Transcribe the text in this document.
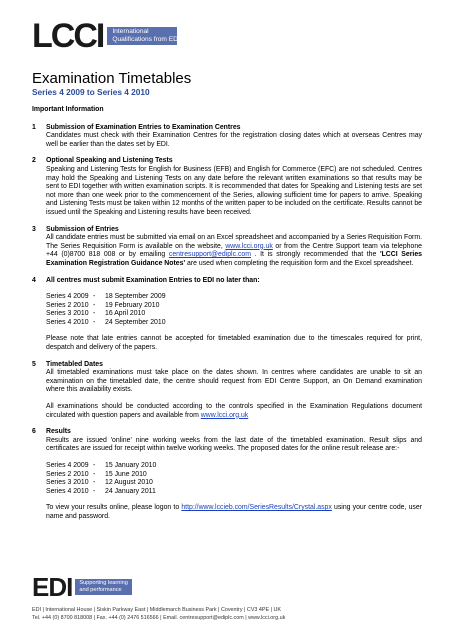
LCCI International
Qualifications from EDI
Examination Timetables
Series 4 2009 to Series 4 2010
Important Information
1	Submission of Examination Entries to Examination Centres

Candidates must check with their Examination Centres for the registration closing dates which at overseas Centres may well be earlier than the dates set by EDI.

2	Optional Speaking and Listening Tests

Speaking and Listening Tests for English for Business (EFB) and English for Commerce (EFC) are not scheduled. Centres may hold the Speaking and Listening Tests on any date before the relevant written examinations so that results may be sent to EDI together with written examination scripts. It is recommended that dates for Speaking and Listening tests are set not more than one week prior to the commencement of the Series, allowing sufficient time for papers to arrive. Speaking and Listening Tests must be taken within 12 months of the written paper to be included on the certificate. Results cannot be issued until the Speaking and Listening results have been received.

3	Submission of Entries

All candidate entries must be submitted via email on an Excel spreadsheet and accompanied by a Series Requisition Form. The Series Requisition Form is available on the website, www.lcci.org.uk or from the Centre Support team via telephone +44 (0)8700 818 008 or by emailing centresupport@ediplc.com . It is strongly recommended that the 'LCCI Series Examination Registration Guidance Notes' are used when completing the requisition form and the Excel spreadsheet.

4	All centres must submit Examination Entries to EDI no later than:
Series 4 2009 -	18 September 2009
Series 2 2010 -	19 February 2010
Series 3 2010 -	16 April 2010
Series 4 2010 -	24 September 2010

Please note that late entries cannot be accepted for timetabled examination due to the timescales required for print, despatch and delivery of the papers.

5	Timetabled Dates

All timetabled examinations must take place on the dates shown. In centres where candidates are unable to sit an examination on the timetabled date, the centre should request from EDI Centre Support, an On Demand examination where this availability exists.

All examinations should be conducted according to the controls specified in the Examination Regulations document circulated with question papers and available from www.lcci.org.uk

6	Results

Results are issued 'online' nine working weeks from the last date of the timetabled examination. Result slips and certificates are issued for receipt within twelve working weeks. The proposed dates for the online result release are:-

Series 4 2009 -	15 January 2010
Series 2 2010 -	15 June 2010
Series 3 2010 -	12 August 2010
Series 4 2010 -	24 January 2011

To view your results online, please logon to http://www.lccieb.com/SeriesResults/Crystal.aspx using your centre code, user name and password.

EDI Supporting learning
and performance
EDI | International House | Siskin Parkway East | Middlemarch Business Park | Coventry | CV3 4PE | UK
Tel. +44 (0) 8700 818008 | Fax. +44 (0) 2476 516566 | Email. centresupport@ediplc.com | www.lcci.org.uk
